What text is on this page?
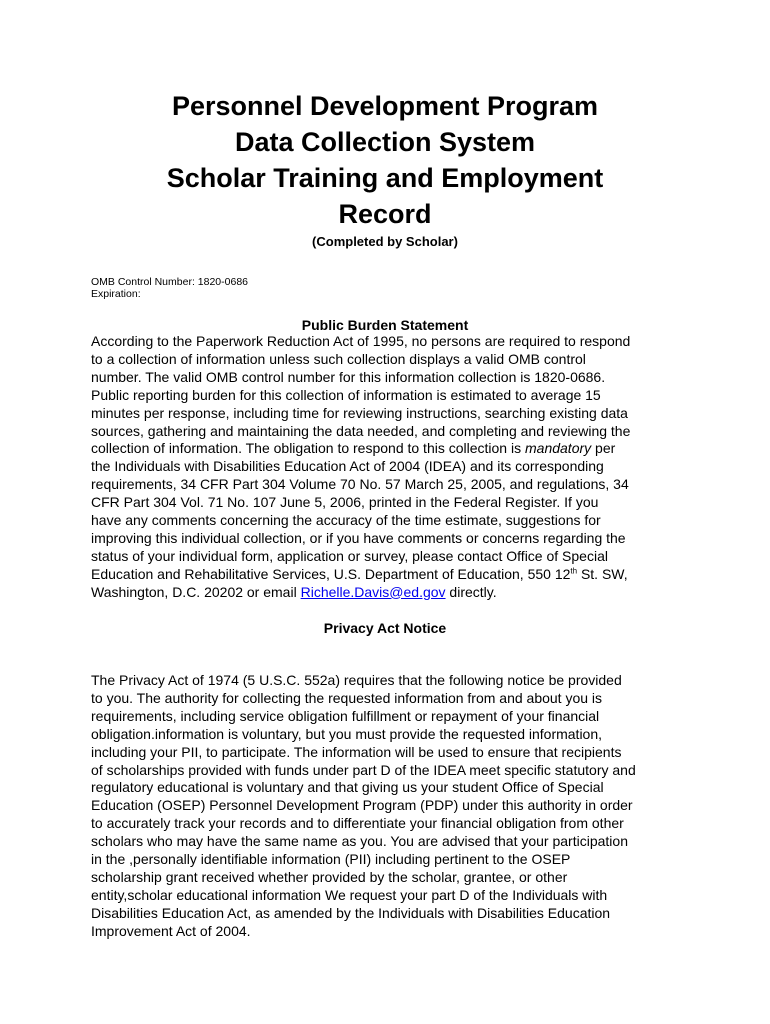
Personnel Development Program
Data Collection System
Scholar Training and Employment
Record
(Completed by Scholar)
OMB Control Number: 1820-0686
Expiration:
Public Burden Statement
According to the Paperwork Reduction Act of 1995, no persons are required to respond
to a collection of information unless such collection displays a valid OMB control
number. The valid OMB control number for this information collection is 1820-0686.
Public reporting burden for this collection of information is estimated to average 15
minutes per response, including time for reviewing instructions, searching existing data
sources, gathering and maintaining the data needed, and completing and reviewing the
collection of information. The obligation to respond to this collection is mandatory per
the Individuals with Disabilities Education Act of 2004 (IDEA) and its corresponding
requirements, 34 CFR Part 304 Volume 70 No. 57 March 25, 2005, and regulations, 34
CFR Part 304 Vol. 71 No. 107 June 5, 2006, printed in the Federal Register. If you
have any comments concerning the accuracy of the time estimate, suggestions for
improving this individual collection, or if you have comments or concerns regarding the
status of your individual form, application or survey, please contact Office of Special
Education and Rehabilitative Services, U.S. Department of Education, 550 12th St. SW,
Washington, D.C. 20202 or email Richelle.Davis@ed.gov directly.
Privacy Act Notice
The Privacy Act of 1974 (5 U.S.C. 552a) requires that the following notice be provided
to you. The authority for collecting the requested information from and about you is
requirements, including service obligation fulfillment or repayment of your financial
obligation.information is voluntary, but you must provide the requested information,
including your PII, to participate. The information will be used to ensure that recipients
of scholarships provided with funds under part D of the IDEA meet specific statutory and
regulatory educational is voluntary and that giving us your student Office of Special
Education (OSEP) Personnel Development Program (PDP) under this authority in order
to accurately track your records and to differentiate your financial obligation from other
scholars who may have the same name as you. You are advised that your participation
in the ,personally identifiable information (PII) including pertinent to the OSEP
scholarship grant received whether provided by the scholar, grantee, or other
entity,scholar educational information We request your part D of the Individuals with
Disabilities Education Act, as amended by the Individuals with Disabilities Education
Improvement Act of 2004.
